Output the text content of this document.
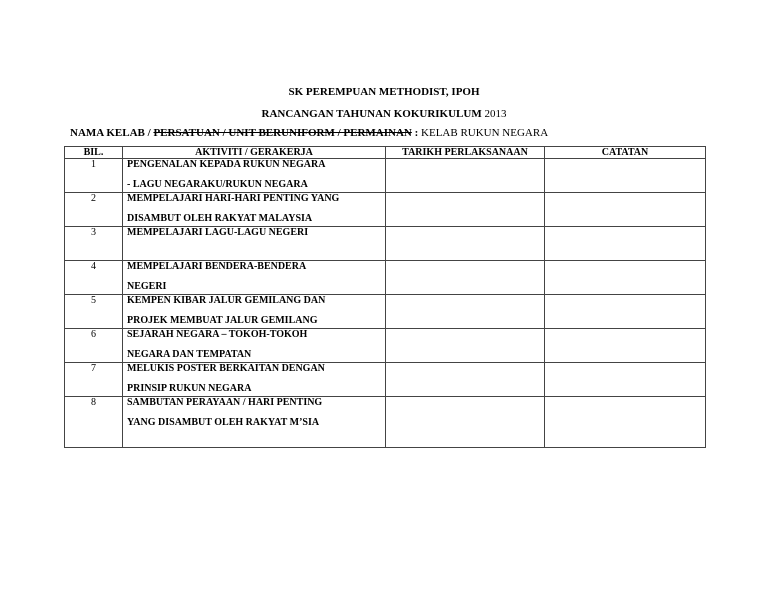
SK PEREMPUAN METHODIST, IPOH
RANCANGAN TAHUNAN KOKURIKULUM 2013
NAMA KELAB / PERSATUAN / UNIT BERUNIFORM / PERMAINAN : KELAB RUKUN NEGARA
BIL.	AKTIVITI / GERAKERJA	TARIKH PERLAKSANAAN	CATATAN
1	PENGENALAN KEPADA RUKUN NEGARA
- LAGU NEGARAKU/RUKUN NEGARA		

2	MEMPELAJARI HARI-HARI PENTING YANG
DISAMBUT OLEH RAKYAT MALAYSIA		

3	MEMPELAJARI LAGU-LAGU NEGERI

4	MEMPELAJARI BENDERA-BENDERA
NEGERI		

5	KEMPEN KIBAR JALUR GEMILANG DAN
PROJEK MEMBUAT JALUR GEMILANG		

6	SEJARAH NEGARA – TOKOH-TOKOH
NEGARA DAN TEMPATAN		

7	MELUKIS POSTER BERKAITAN DENGAN
PRINSIP RUKUN NEGARA		

8	SAMBUTAN PERAYAAN / HARI PENTING
YANG DISAMBUT OLEH RAKYAT M’SIA		
